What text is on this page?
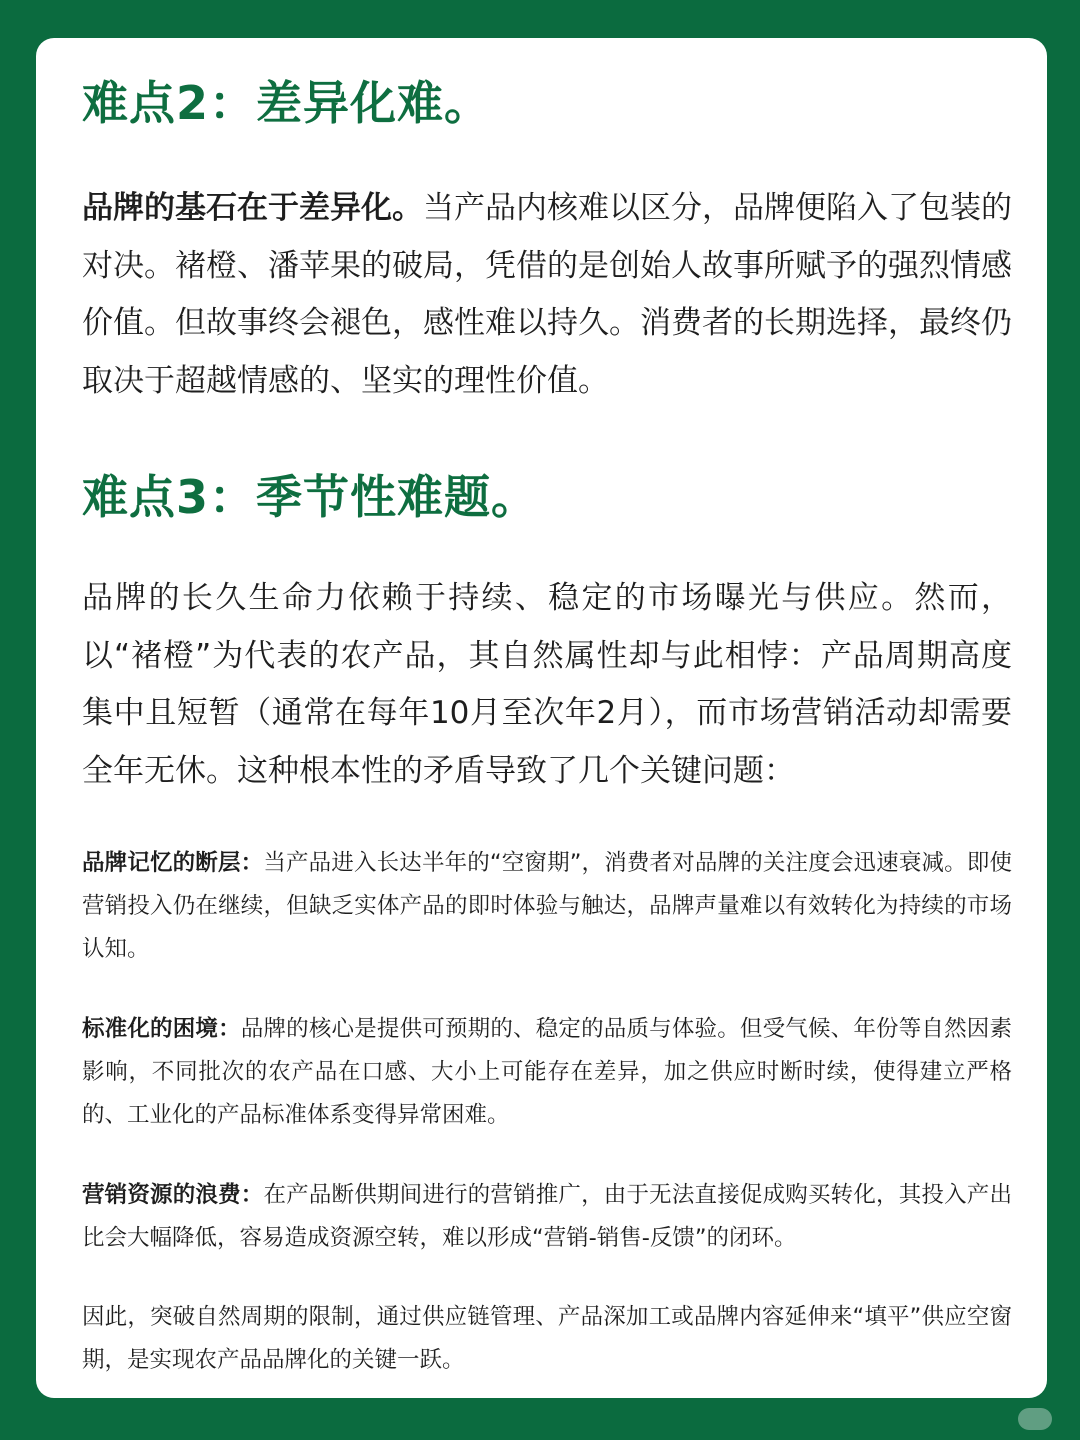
难点2：差异化难。

品牌的基石在于差异化。当产品内核难以区分，品牌便陷入了包装的对决。褚橙、潘苹果的破局，凭借的是创始人故事所赋予的强烈情感价值。但故事终会褪色，感性难以持久。消费者的长期选择，最终仍取决于超越情感的、坚实的理性价值。

难点3：季节性难题。

品牌的长久生命力依赖于持续、稳定的市场曝光与供应。然而，以“褚橙”为代表的农产品，其自然属性却与此相悖：产品周期高度集中且短暂（通常在每年10月至次年2月），而市场营销活动却需要全年无休。这种根本性的矛盾导致了几个关键问题：

品牌记忆的断层：当产品进入长达半年的“空窗期”，消费者对品牌的关注度会迅速衰减。即使营销投入仍在继续，但缺乏实体产品的即时体验与触达，品牌声量难以有效转化为持续的市场认知。

标准化的困境：品牌的核心是提供可预期的、稳定的品质与体验。但受气候、年份等自然因素影响，不同批次的农产品在口感、大小上可能存在差异，加之供应时断时续，使得建立严格的、工业化的产品标准体系变得异常困难。

营销资源的浪费：在产品断供期间进行的营销推广，由于无法直接促成购买转化，其投入产出比会大幅降低，容易造成资源空转，难以形成“营销-销售-反馈”的闭环。

因此，突破自然周期的限制，通过供应链管理、产品深加工或品牌内容延伸来“填平”供应空窗期，是实现农产品品牌化的关键一跃。
